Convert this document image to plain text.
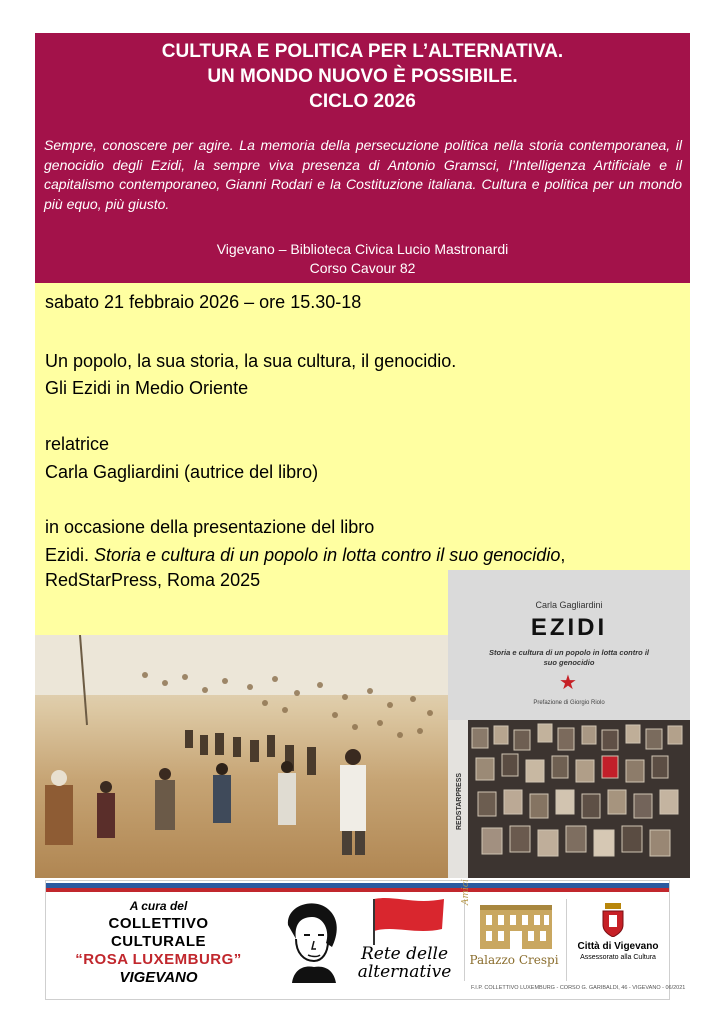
CULTURA E POLITICA PER L’ALTERNATIVA.
UN MONDO NUOVO È POSSIBILE.
CICLO 2026
Sempre, conoscere per agire. La memoria della persecuzione politica nella storia contemporanea, il genocidio degli Ezidi, la sempre viva presenza di Antonio Gramsci, l’Intelligenza Artificiale e il capitalismo contemporaneo, Gianni Rodari e la Costituzione italiana. Cultura e politica per un mondo più equo, più giusto.
Vigevano – Biblioteca Civica Lucio Mastronardi
Corso Cavour 82
sabato 21 febbraio 2026 – ore 15.30-18
Un popolo, la sua storia, la sua cultura, il genocidio.
Gli Ezidi in Medio Oriente
relatrice
Carla Gagliardini (autrice del libro)
in occasione della presentazione del libro
Ezidi. Storia e cultura di un popolo in lotta contro il suo genocidio,
RedStarPress, Roma 2025
Carla Gagliardini
EZIDI
Storia e cultura di un popolo in lotta contro il suo genocidio
★
Prefazione di Giorgio Riolo
REDSTARPRESS
A cura del
COLLETTIVO
CULTURALE
“ROSA LUXEMBURG”
VIGEVANO
Rete delle
alternative
Amici
Palazzo Crespi
Città di Vigevano
Assessorato alla Cultura
F.I.P. COLLETTIVO LUXEMBURG - CORSO G. GARIBALDI, 46 - VIGEVANO - 06/2021
